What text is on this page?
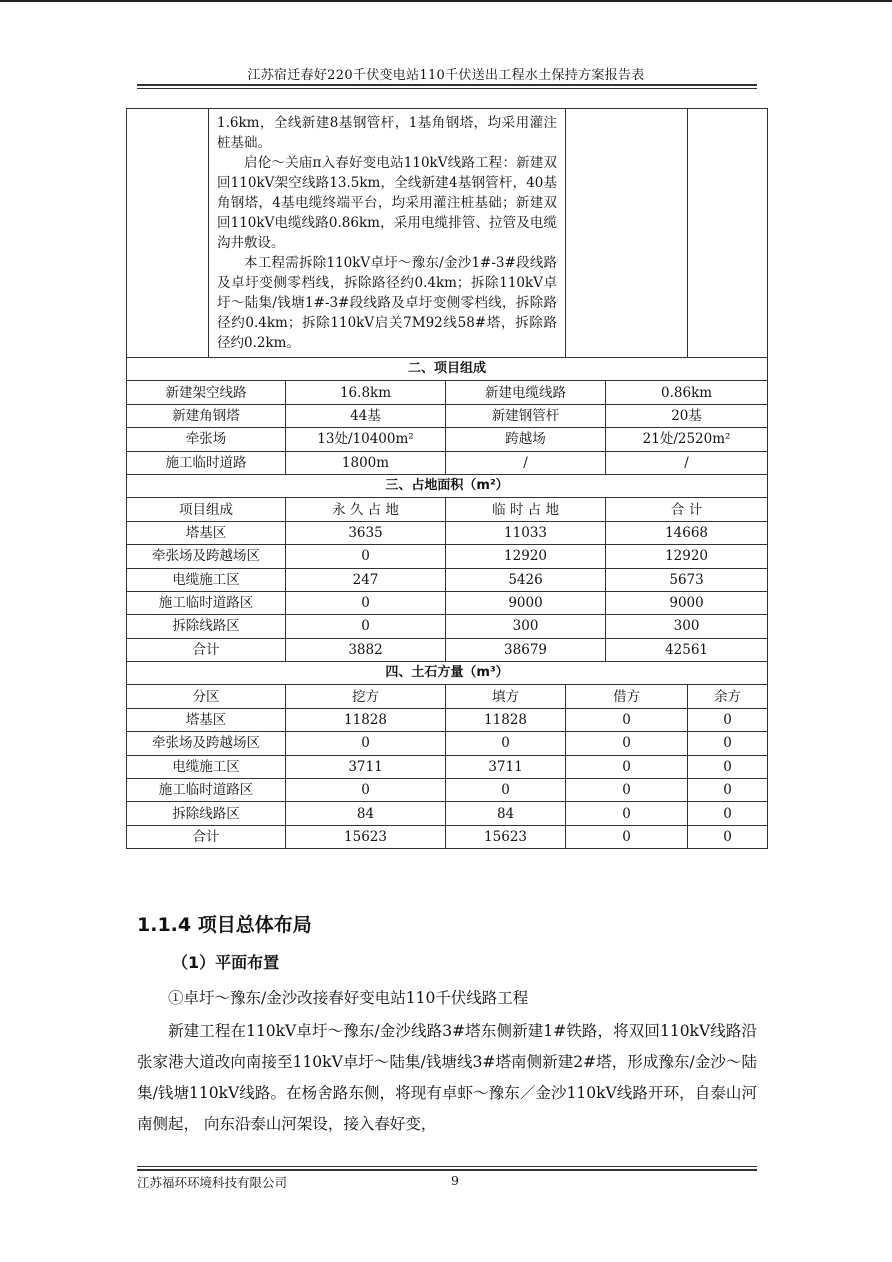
江苏宿迁春好220千伏变电站110千伏送出工程水土保持方案报告表

	1.6km，全线新建8基钢管杆，1基角钢塔，均采用灌注桩基础。

启伦～关庙π入春好变电站110kV线路工程：新建双回110kV架空线路13.5km，全线新建4基钢管杆，40基角钢塔，4基电缆终端平台，均采用灌注桩基础；新建双回110kV电缆线路0.86km，采用电缆排管、拉管及电缆沟井敷设。

本工程需拆除110kV卓圩～豫东/金沙1#-3#段线路及卓圩变侧零档线，拆除路径约0.4km；拆除110kV卓圩～陆集/钱塘1#-3#段线路及卓圩变侧零档线，拆除路径约0.4km；拆除110kV启关7M92线58#塔，拆除路径约0.2km。					

二、项目组成						
新建架空线路		16.8km	新建电缆线路		0.86km	
新建角钢塔		44基	新建钢管杆		20基	
牵张场		13处/10400m²	跨越场		21处/2520m²	
施工临时道路		1800m	/		/	
三、占地面积（m²）						
项目组成		永 久 占 地	临 时 占 地		合 计	
塔基区		3635	11033		14668	
牵张场及跨越场区		0	12920		12920	
电缆施工区		247	5426		5673	
施工临时道路区		0	9000		9000	
拆除线路区		0	300		300	
合计		3882	38679		42561	
四、土石方量（m³）						
分区		挖方	填方	借方		余方
塔基区		11828	11828	0		0
牵张场及跨越场区		0	0	0		0
电缆施工区		3711	3711	0		0
施工临时道路区		0	0	0		0
拆除线路区		84	84	0		0
合计		15623	15623	0		0
1.1.4 项目总体布局
（1）平面布置

①卓圩～豫东/金沙改接春好变电站110千伏线路工程

新建工程在110kV卓圩～豫东/金沙线路3#塔东侧新建1#铁路，将双回110kV线路沿张家港大道改向南接至110kV卓圩～陆集/钱塘线3#塔南侧新建2#塔，形成豫东/金沙～陆集/钱塘110kV线路。在杨舍路东侧，将现有卓虾～豫东／金沙110kV线路开环，自泰山河南侧起， 向东沿泰山河架设，接入春好变，

江苏福环环境科技有限公司	9
